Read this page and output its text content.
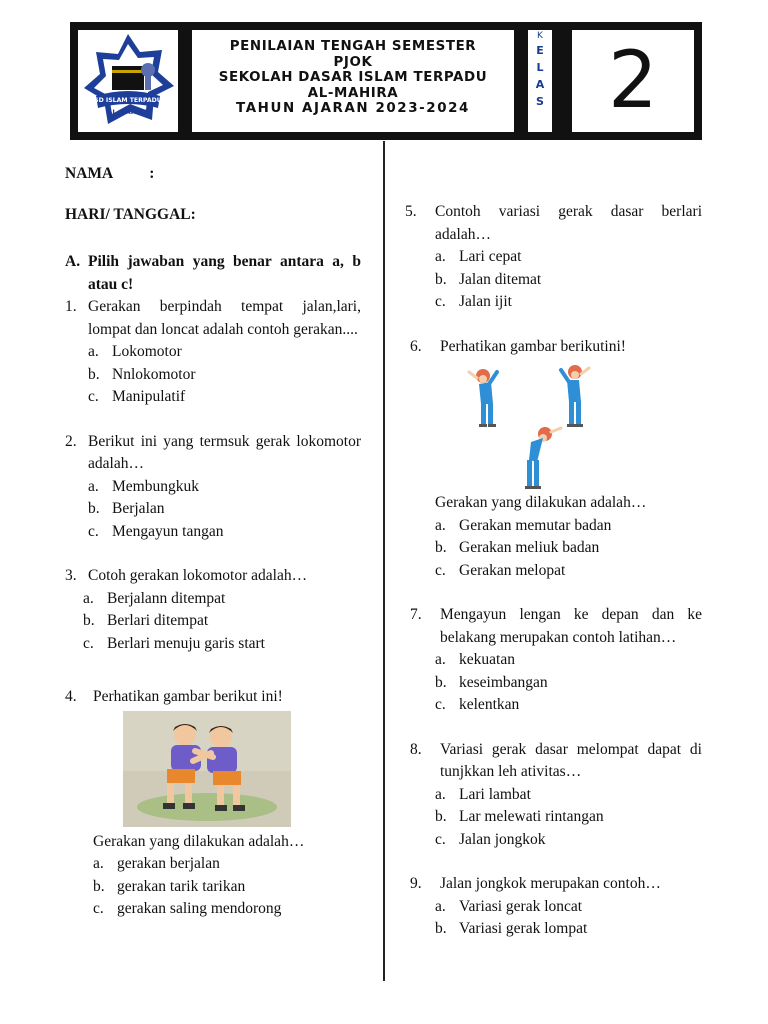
SD ISLAM TERPADU
AL-MAHIRA
PENILAIAN TENGAH SEMESTER
PJOK
SEKOLAH DASAR ISLAM TERPADU
AL-MAHIRA
TAHUN AJARAN 2023-2024
K
E
L
A
S 2
NAMA :
HARI/ TANGGAL:
A. Pilih jawaban yang benar antara a, b atau c!
1. Gerakan berpindah tempat jalan,lari, lompat dan loncat adalah contoh gerakan....
a. Lokomotor
b. Nnlokomotor
c. Manipulatif
2. Berikut ini yang termsuk gerak lokomotor adalah…
a. Membungkuk
b. Berjalan
c. Mengayun tangan
3. Cotoh gerakan lokomotor adalah…
a. Berjalann ditempat
b. Berlari ditempat
c. Berlari menuju garis start
4.	Perhatikan gambar berikut ini!
Gerakan yang dilakukan adalah…
a. gerakan berjalan
b. gerakan tarik tarikan
c. gerakan saling mendorong
5.	Contoh variasi gerak dasar berlari adalah…
a. Lari cepat
b. Jalan ditemat
c. Jalan ijit
6.	Perhatikan gambar berikutini!
Gerakan yang dilakukan adalah…
a. Gerakan memutar badan
b. Gerakan meliuk badan
c. Gerakan melopat
7.	Mengayun lengan ke depan dan ke belakang merupakan contoh latihan…
a. kekuatan
b. keseimbangan
c. kelentkan
8.	Variasi gerak dasar melompat dapat di tunjkkan leh ativitas…
a. Lari lambat
b. Lar melewati rintangan
c. Jalan jongkok
9.	Jalan jongkok merupakan contoh…
a. Variasi gerak loncat
b. Variasi gerak lompat
